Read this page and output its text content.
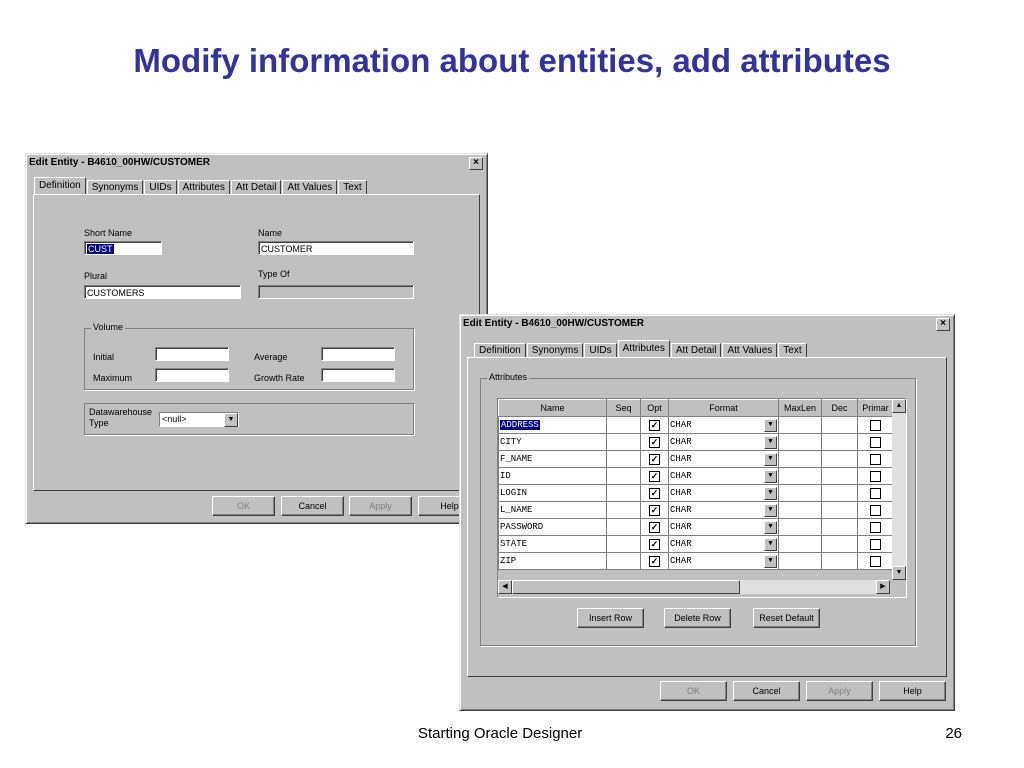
Modify information about entities, add attributes
Edit Entity - B4610_00HW/CUSTOMER	×
Definition	Synonyms	UIDs	Attributes	Att Detail	Att Values	Text
Short Name
CUST
Name
CUSTOMER
Plural
CUSTOMERS
Type Of
Volume
Initial
Maximum
Average
Growth Rate
Datawarehouse
Type	<null>	▼
OK	Cancel	Apply	Help
Edit Entity - B4610_00HW/CUSTOMER	×
Definition	Synonyms	UIDs	Attributes	Att Detail	Att Values	Text
Attributes
Name	Seq	Opt	Format	MaxLen	Dec	Primar
ADDRESS		✓	CHAR ▼			

CITY		✓	CHAR ▼			

F_NAME		✓	CHAR ▼			

ID		✓	CHAR ▼			

LOGIN		✓	CHAR ▼			

L_NAME		✓	CHAR ▼			

PASSWORD		✓	CHAR ▼			

STATE		✓	CHAR ▼			

ZIP		✓	CHAR ▼			

▲
▼
◀	▶
Insert Row	Delete Row	Reset Default
OK	Cancel	Apply	Help
Starting Oracle Designer	26
